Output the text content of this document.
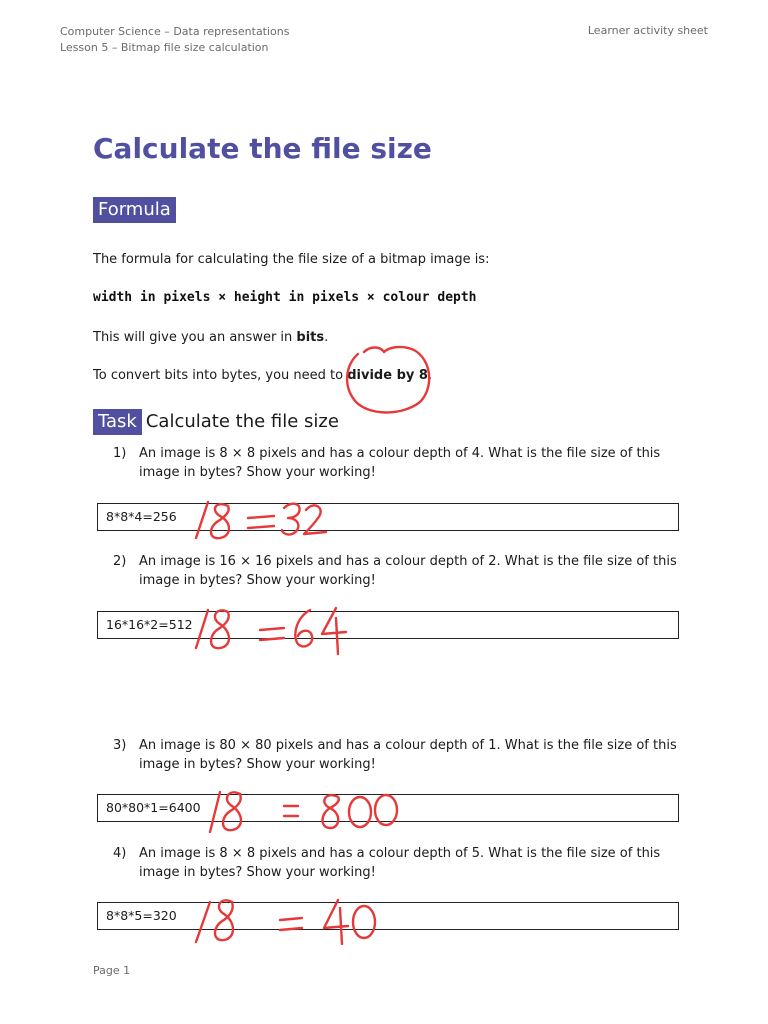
Computer Science – Data representations
Lesson 5 – Bitmap file size calculation
Learner activity sheet
Calculate the file size
Formula
The formula for calculating the file size of a bitmap image is:
width in pixels × height in pixels × colour depth
This will give you an answer in bits.
To convert bits into bytes, you need to divide by 8.
Task Calculate the file size
1) An image is 8 × 8 pixels and has a colour depth of 4. What is the file size of this image in bytes? Show your working!
8*8*4=256
2) An image is 16 × 16 pixels and has a colour depth of 2. What is the file size of this image in bytes? Show your working!
16*16*2=512
3) An image is 80 × 80 pixels and has a colour depth of 1. What is the file size of this image in bytes? Show your working!
80*80*1=6400
4) An image is 8 × 8 pixels and has a colour depth of 5. What is the file size of this image in bytes? Show your working!
8*8*5=320
Page 1
